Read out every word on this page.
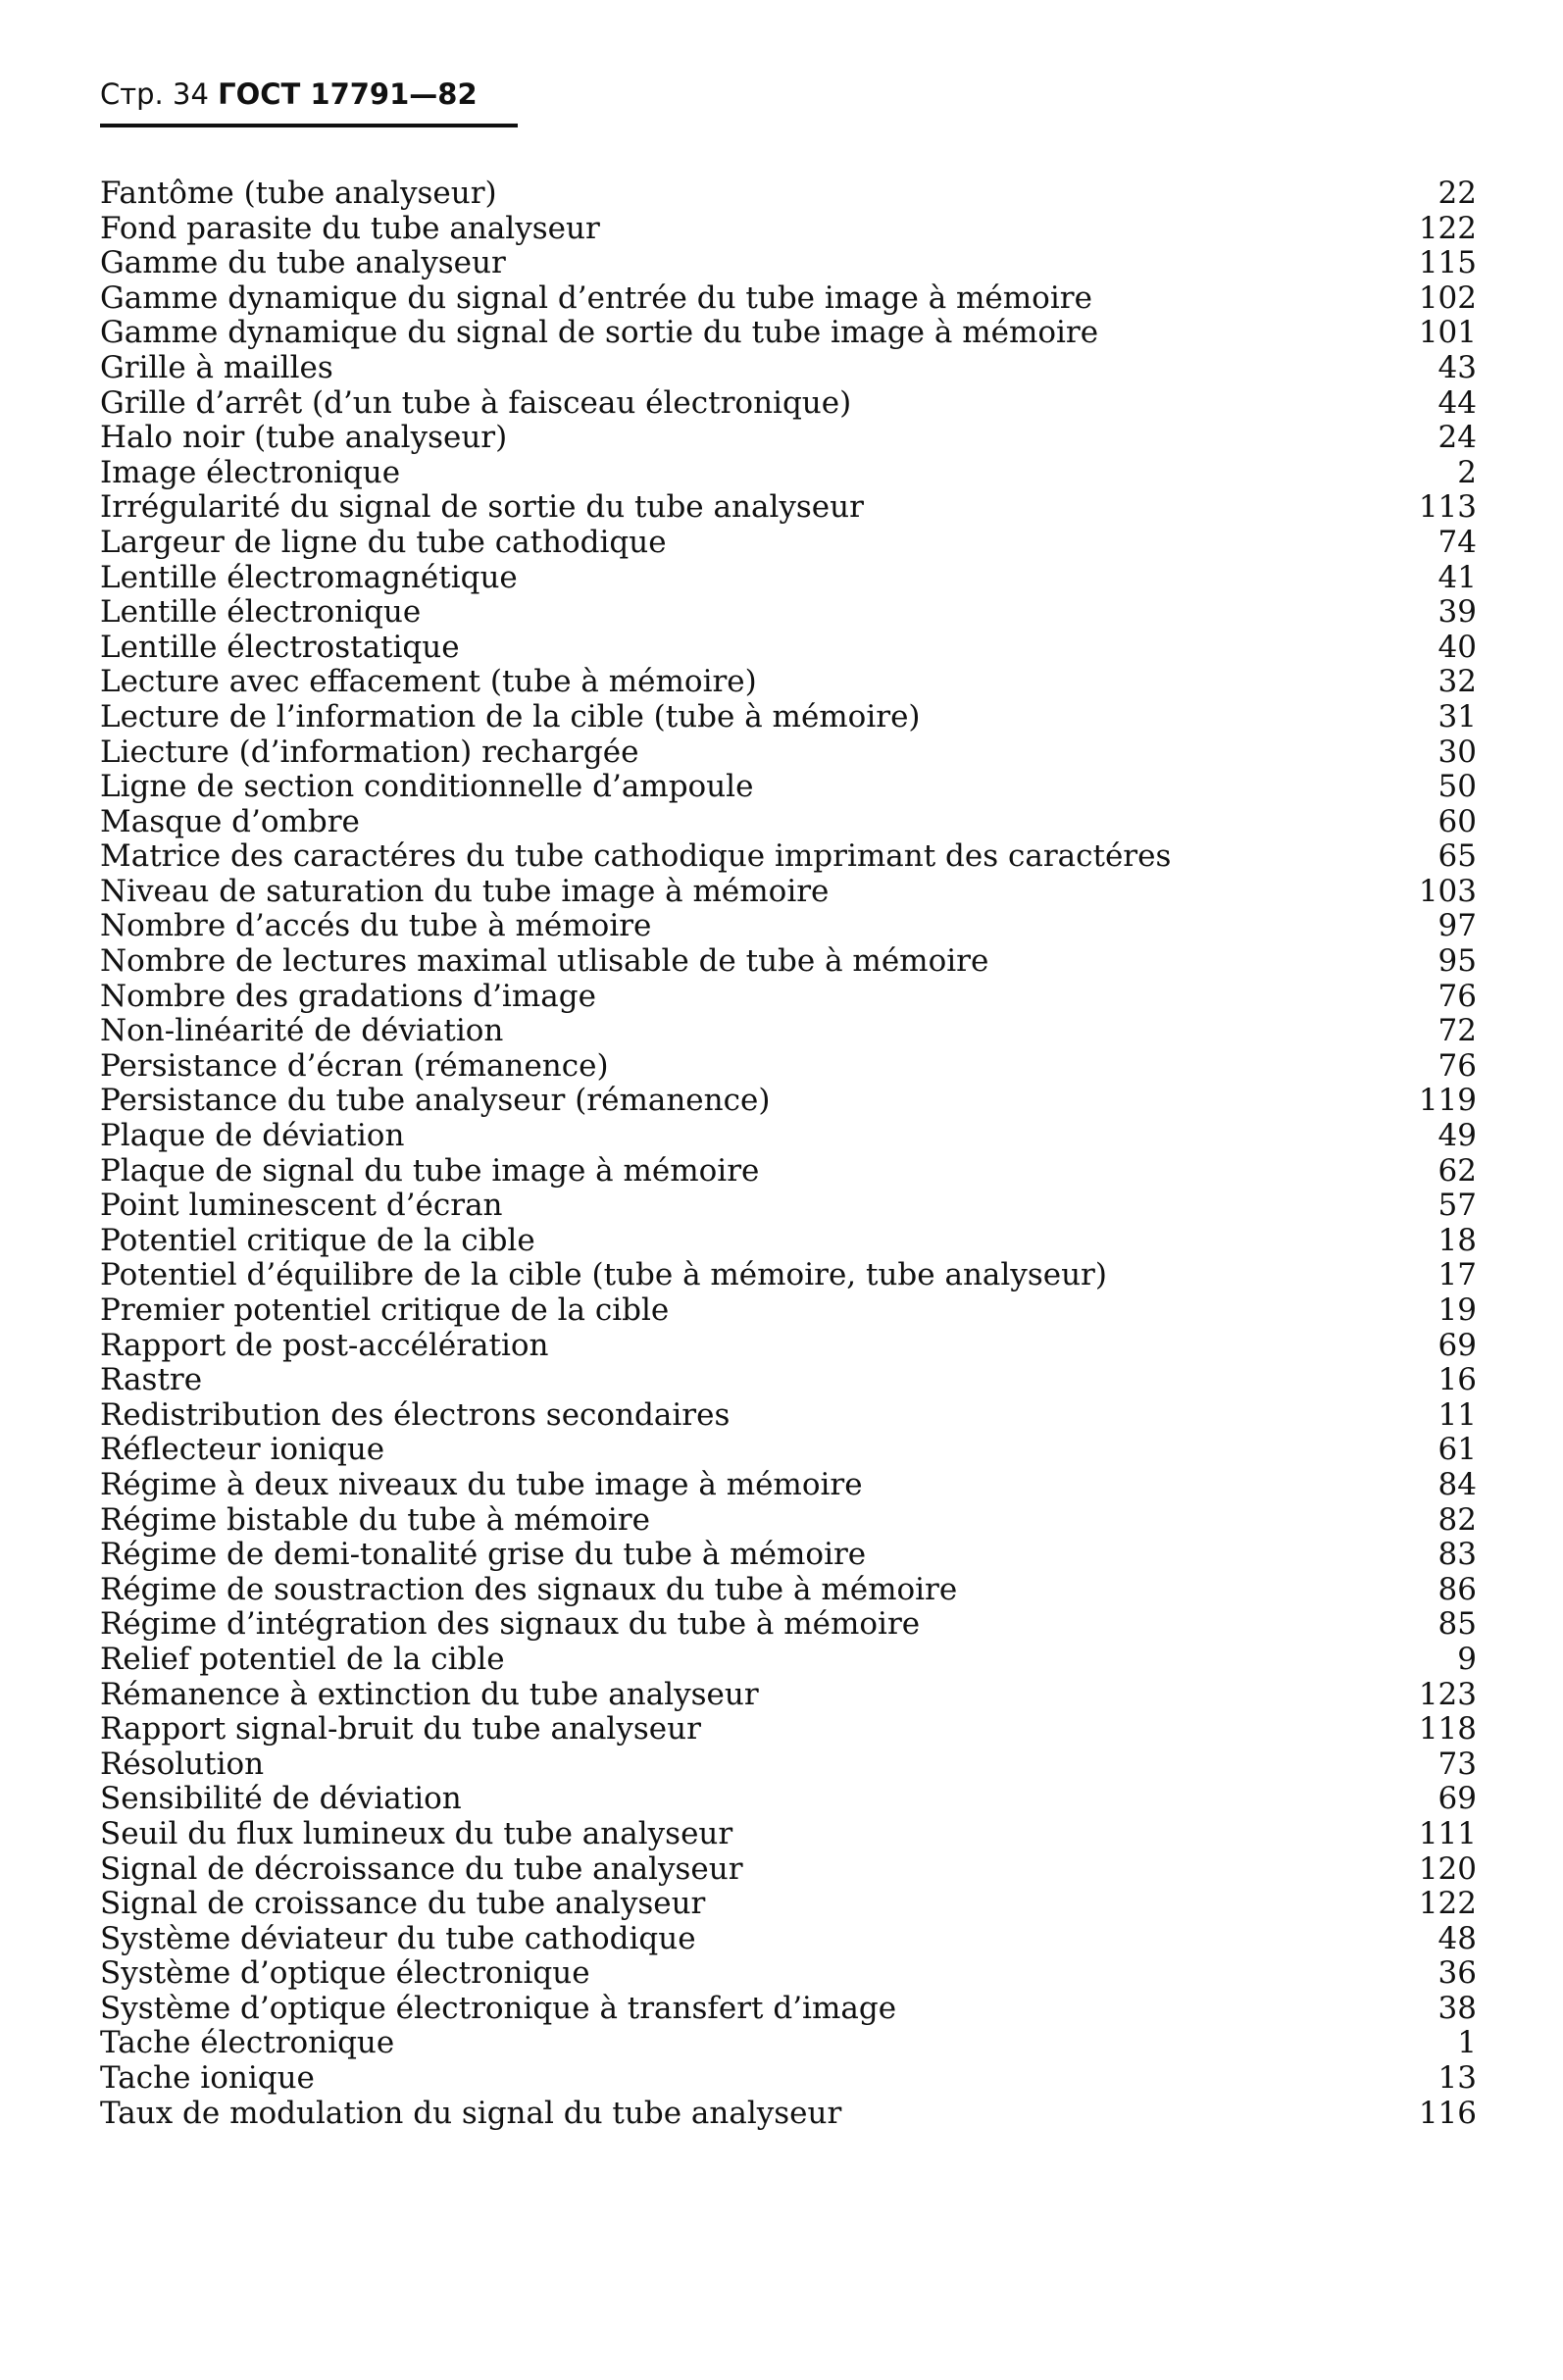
Стр. 34 ГОСТ 17791—82
Fantôme (tube analyseur)	22
Fond parasite du tube analyseur	122
Gamme du tube analyseur	115
Gamme dynamique du signal d’entrée du tube image à mémoire	102
Gamme dynamique du signal de sortie du tube image à mémoire	101
Grille à mailles	43
Grille d’arrêt (d’un tube à faisceau électronique)	44
Halo noir (tube analyseur)	24
Image électronique	2
Irrégularité du signal de sortie du tube analyseur	113
Largeur de ligne du tube cathodique	74
Lentille électromagnétique	41
Lentille électronique	39
Lentille électrostatique	40
Lecture avec effacement (tube à mémoire)	32
Lecture de l’information de la cible (tube à mémoire)	31
Liecture (d’information) rechargée	30
Ligne de section conditionnelle d’ampoule	50
Masque d’ombre	60
Matrice des caractéres du tube cathodique imprimant des caractéres	65
Niveau de saturation du tube image à mémoire	103
Nombre d’accés du tube à mémoire	97
Nombre de lectures maximal utlisable de tube à mémoire	95
Nombre des gradations d’image	76
Non-linéarité de déviation	72
Persistance d’écran (rémanence)	76
Persistance du tube analyseur (rémanence)	119
Plaque de déviation	49
Plaque de signal du tube image à mémoire	62
Point luminescent d’écran	57
Potentiel critique de la cible	18
Potentiel d’équilibre de la cible (tube à mémoire, tube analyseur)	17
Premier potentiel critique de la cible	19
Rapport de post-accélération	69
Rastre	16
Redistribution des électrons secondaires	11
Réflecteur ionique	61
Régime à deux niveaux du tube image à mémoire	84
Régime bistable du tube à mémoire	82
Régime de demi-tonalité grise du tube à mémoire	83
Régime de soustraction des signaux du tube à mémoire	86
Régime d’intégration des signaux du tube à mémoire	85
Relief potentiel de la cible	9
Rémanence à extinction du tube analyseur	123
Rapport signal-bruit du tube analyseur	118
Résolution	73
Sensibilité de déviation	69
Seuil du flux lumineux du tube analyseur	111
Signal de décroissance du tube analyseur	120
Signal de croissance du tube analyseur	122
Système déviateur du tube cathodique	48
Système d’optique électronique	36
Système d’optique électronique à transfert d’image	38
Tache électronique	1
Tache ionique	13
Taux de modulation du signal du tube analyseur	116
